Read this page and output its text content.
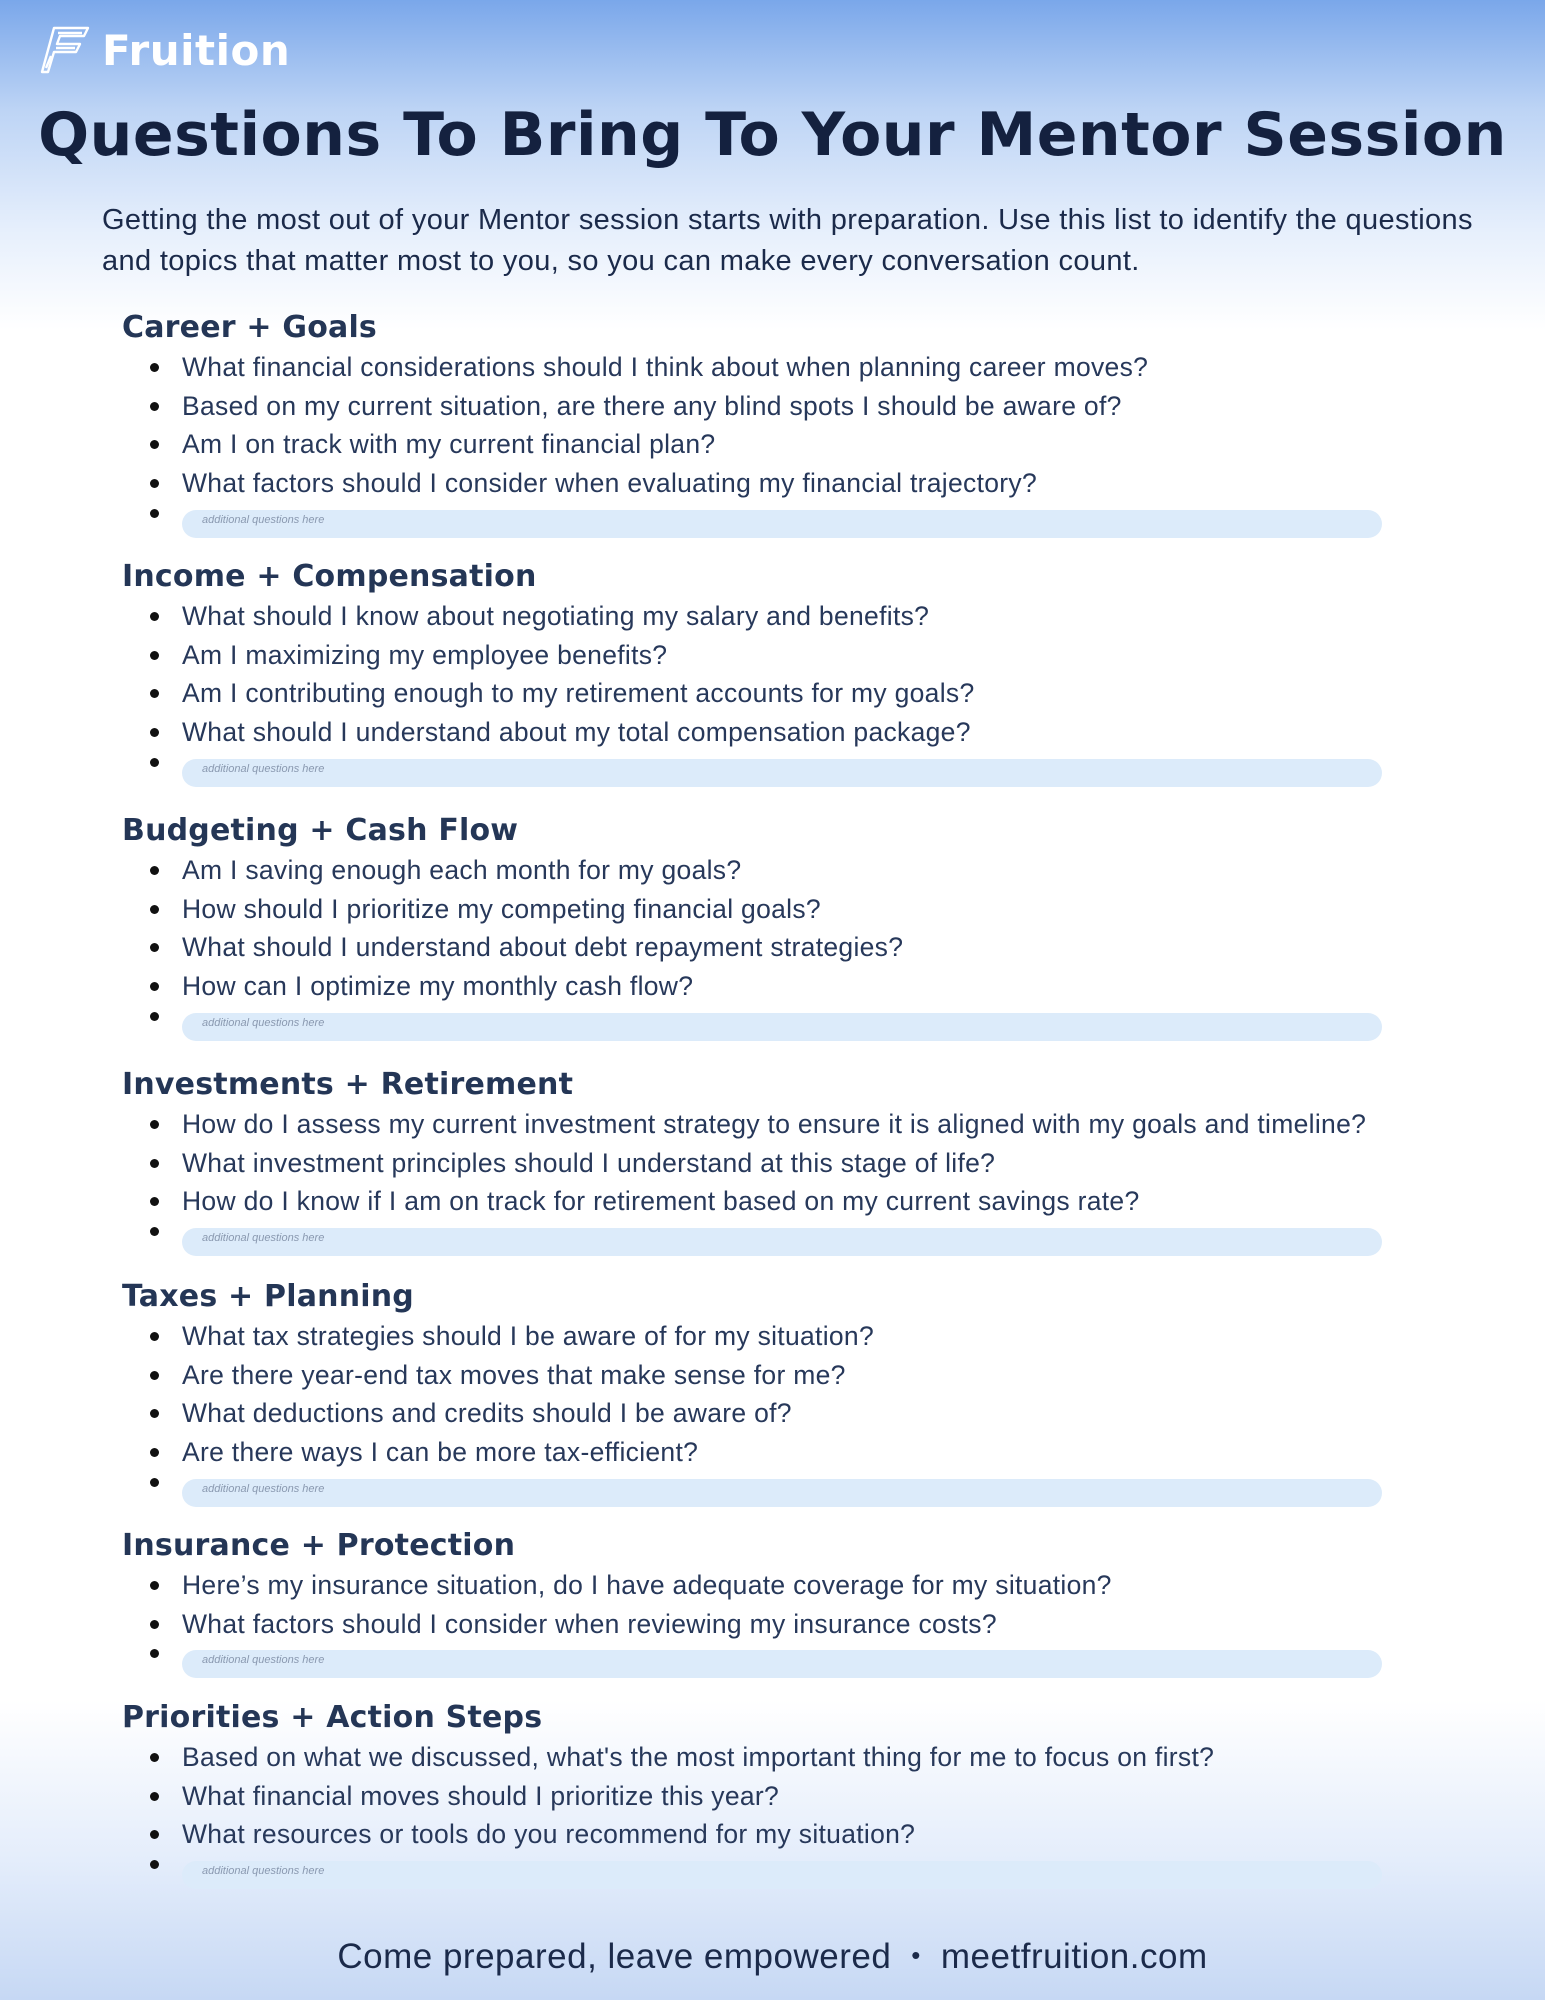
Fruition
Questions To Bring To Your Mentor Session
Getting the most out of your Mentor session starts with preparation. Use this list to identify the questions and topics that matter most to you, so you can make every conversation count.
Career + Goals
What financial considerations should I think about when planning career moves?
Based on my current situation, are there any blind spots I should be aware of?
Am I on track with my current financial plan?
What factors should I consider when evaluating my financial trajectory?
additional questions here
Income + Compensation
What should I know about negotiating my salary and benefits?
Am I maximizing my employee benefits?
Am I contributing enough to my retirement accounts for my goals?
What should I understand about my total compensation package?
additional questions here
Budgeting + Cash Flow
Am I saving enough each month for my goals?
How should I prioritize my competing financial goals?
What should I understand about debt repayment strategies?
How can I optimize my monthly cash flow?
additional questions here
Investments + Retirement
How do I assess my current investment strategy to ensure it is aligned with my goals and timeline?
What investment principles should I understand at this stage of life?
How do I know if I am on track for retirement based on my current savings rate?
additional questions here
Taxes + Planning
What tax strategies should I be aware of for my situation?
Are there year-end tax moves that make sense for me?
What deductions and credits should I be aware of?
Are there ways I can be more tax-efficient?
additional questions here
Insurance + Protection
Here’s my insurance situation, do I have adequate coverage for my situation?
What factors should I consider when reviewing my insurance costs?
additional questions here
Priorities + Action Steps
Based on what we discussed, what's the most important thing for me to focus on first?
What financial moves should I prioritize this year?
What resources or tools do you recommend for my situation?
additional questions here
Come prepared, leave empowered • meetfruition.com
